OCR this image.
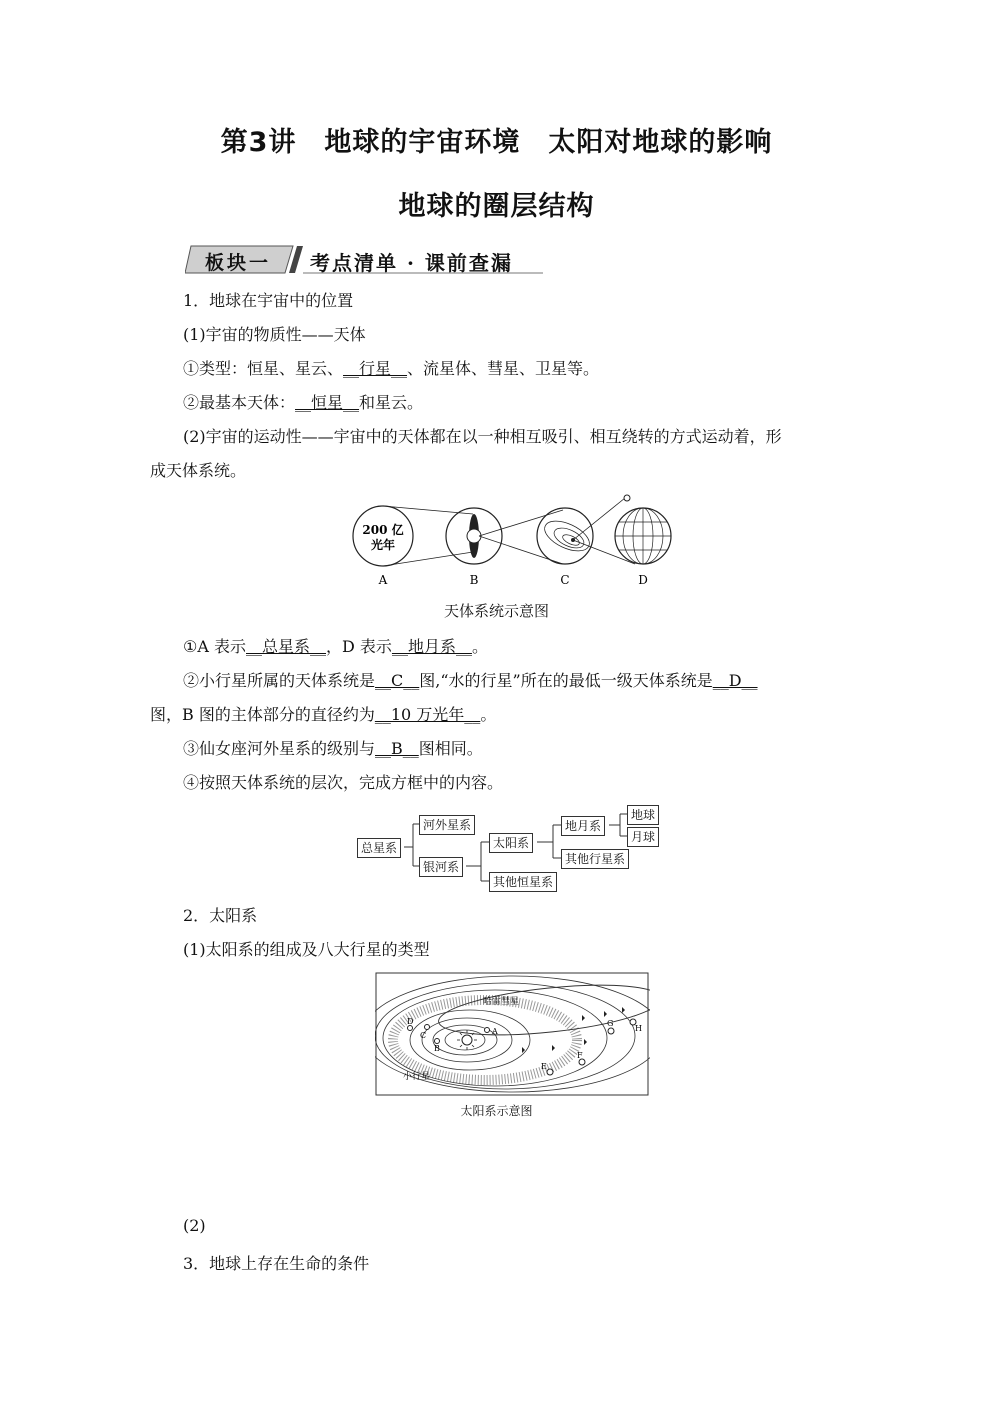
第3讲　地球的宇宙环境　太阳对地球的影响
地球的圈层结构
板块一 考点清单 · 课前查漏
1．地球在宇宙中的位置
(1)宇宙的物质性——天体
①类型：恒星、星云、__行星__、流星体、彗星、卫星等。
②最基本天体：__恒星__和星云。
(2)宇宙的运动性——宇宙中的天体都在以一种相互吸引、相互绕转的方式运动着，形
成天体系统。
200 亿
光年
A	B	C	D
天体系统示意图
①A 表示__总星系__，D 表示__地月系__。
②小行星所属的天体系统是__C__图,“水的行星”所在的最低一级天体系统是__D__
图，B 图的主体部分的直径约为__10 万光年__。
③仙女座河外星系的级别与__B__图相同。
④按照天体系统的层次，完成方框中的内容。
总星系
河外星系
银河系
太阳系
其他恒星系
地月系
其他行星系
地球
月球
2．太阳系
(1)太阳系的组成及八大行星的类型
A
B
C
D
E
F
G
H
哈雷彗星
小行星
太阳系示意图
(2)
3．地球上存在生命的条件
